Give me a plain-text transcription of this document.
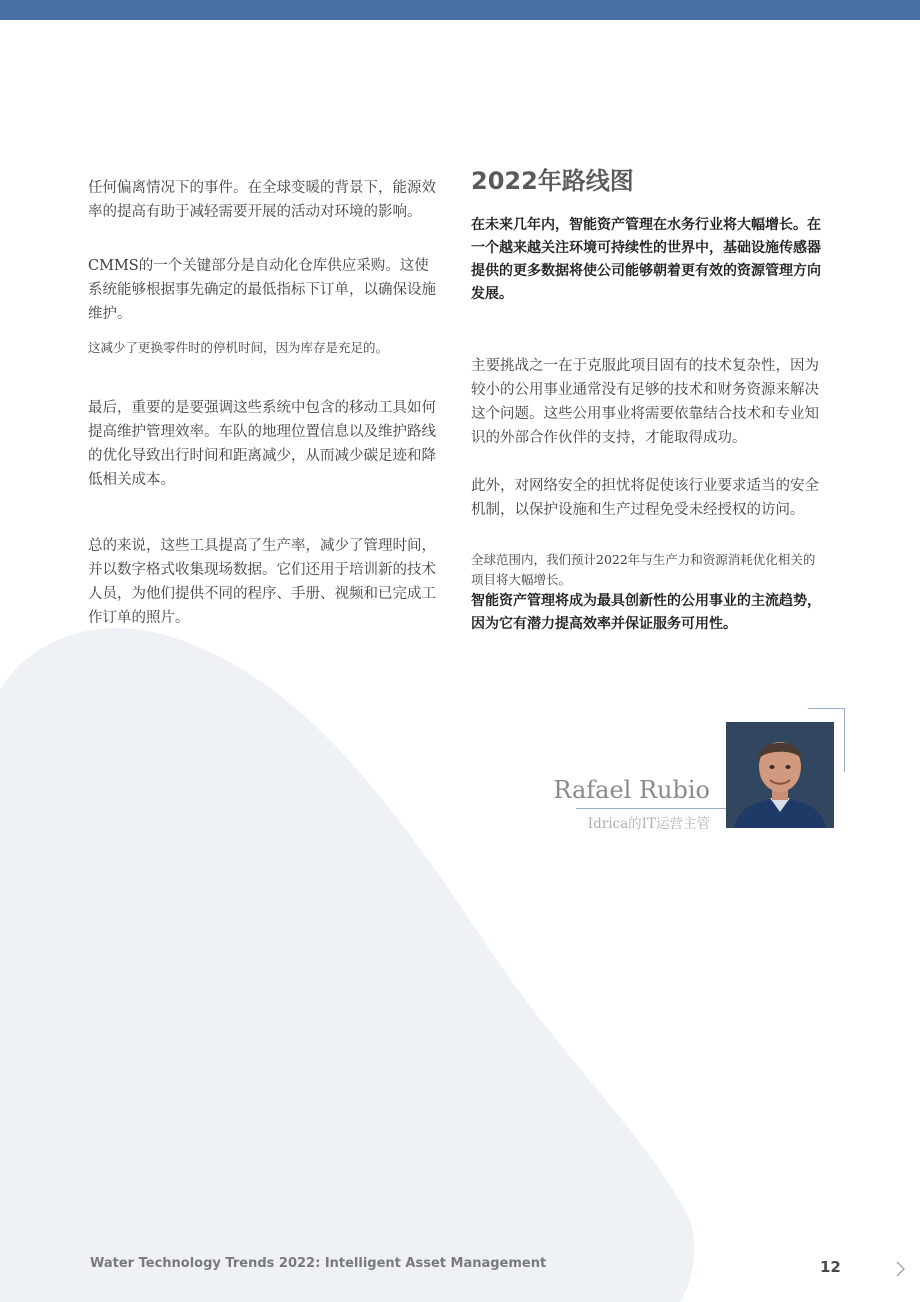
任何偏离情况下的事件。在全球变暖的背景下，能源效率的提高有助于减轻需要开展的活动对环境的影响。

CMMS的一个关键部分是自动化仓库供应采购。这使系统能够根据事先确定的最低指标下订单，以确保设施维护。

这减少了更换零件时的停机时间，因为库存是充足的。

最后，重要的是要强调这些系统中包含的移动工具如何提高维护管理效率。车队的地理位置信息以及维护路线的优化导致出行时间和距离减少，从而减少碳足迹和降低相关成本。

总的来说，这些工具提高了生产率，减少了管理时间，并以数字格式收集现场数据。它们还用于培训新的技术人员，为他们提供不同的程序、手册、视频和已完成工作订单的照片。

2022年路线图

在未来几年内，智能资产管理在水务行业将大幅增长。在一个越来越关注环境可持续性的世界中，基础设施传感器提供的更多数据将使公司能够朝着更有效的资源管理方向发展。

主要挑战之一在于克服此项目固有的技术复杂性，因为较小的公用事业通常没有足够的技术和财务资源来解决这个问题。这些公用事业将需要依靠结合技术和专业知识的外部合作伙伴的支持，才能取得成功。

此外，对网络安全的担忧将促使该行业要求适当的安全机制，以保护设施和生产过程免受未经授权的访问。

全球范围内，我们预计2022年与生产力和资源消耗优化相关的项目将大幅增长。

智能资产管理将成为最具创新性的公用事业的主流趋势，因为它有潜力提高效率并保证服务可用性。

Rafael Rubio
Idrica的IT运营主管
Water Technology Trends 2022: Intelligent Asset Management	12
